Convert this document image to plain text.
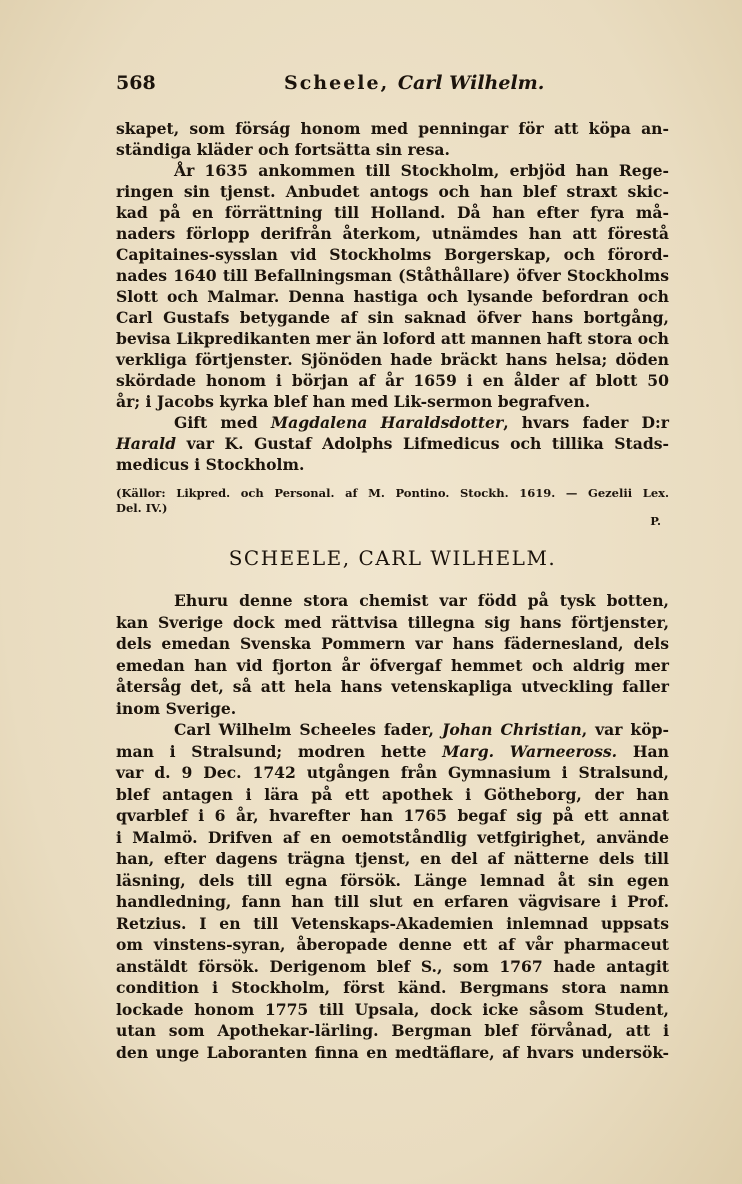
568	Scheele, Carl Wilhelm.
skapet, som förság honom med penningar för att köpa an-
ständiga kläder och fortsätta sin resa.
År 1635 ankommen till Stockholm, erbjöd han Rege-
ringen sin tjenst. Anbudet antogs och han blef straxt skic-
kad på en förrättning till Holland. Då han efter fyra må-
naders förlopp derifrån återkom, utnämdes han att förestå
Capitaines-sysslan vid Stockholms Borgerskap, och förord-
nades 1640 till Befallningsman (Ståthållare) öfver Stockholms
Slott och Malmar. Denna hastiga och lysande befordran och
Carl Gustafs betygande af sin saknad öfver hans bortgång,
bevisa Likpredikanten mer än loford att mannen haft stora och
verkliga förtjenster. Sjönöden hade bräckt hans helsa; döden
skördade honom i början af år 1659 i en ålder af blott 50
år; i Jacobs kyrka blef han med Lik-sermon begrafven.
Gift med Magdalena Haraldsdotter, hvars fader D:r
Harald var K. Gustaf Adolphs Lifmedicus och tillika Stads-
medicus i Stockholm.
(Källor: Likpred. och Personal. af M. Pontino. Stockh. 1619. — Gezelii Lex.
Del. IV.)
P.
SCHEELE, CARL WILHELM.
Ehuru denne stora chemist var född på tysk botten,
kan Sverige dock med rättvisa tillegna sig hans förtjenster,
dels emedan Svenska Pommern var hans fädernesland, dels
emedan han vid fjorton år öfvergaf hemmet och aldrig mer
återsåg det, så att hela hans vetenskapliga utveckling faller
inom Sverige.
Carl Wilhelm Scheeles fader, Johan Christian, var köp-
man i Stralsund; modren hette Marg. Warneeross. Han
var d. 9 Dec. 1742 utgången från Gymnasium i Stralsund,
blef antagen i lära på ett apothek i Götheborg, der han
qvarblef i 6 år, hvarefter han 1765 begaf sig på ett annat
i Malmö. Drifven af en oemotståndlig vetfgirighet, använde
han, efter dagens trägna tjenst, en del af nätterne dels till
läsning, dels till egna försök. Länge lemnad åt sin egen
handledning, fann han till slut en erfaren vägvisare i Prof.
Retzius. I en till Vetenskaps-Akademien inlemnad uppsats
om vinstens-syran, åberopade denne ett af vår pharmaceut
anstäldt försök. Derigenom blef S., som 1767 hade antagit
condition i Stockholm, först känd. Bergmans stora namn
lockade honom 1775 till Upsala, dock icke såsom Student,
utan som Apothekar-lärling. Bergman blef förvånad, att i
den unge Laboranten finna en medtäflare, af hvars undersök-
